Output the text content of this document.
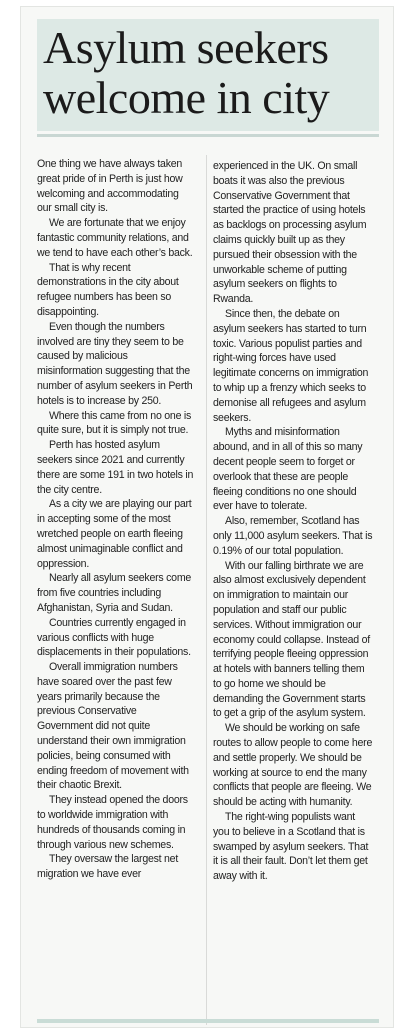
Asylum seekers
welcome in city

One thing we have always taken great pride of in Perth is just how welcoming and accommodating our small city is.

We are fortunate that we enjoy fantastic community relations, and we tend to have each other’s back.

That is why recent demonstrations in the city about refugee numbers has been so disappointing.

Even though the numbers involved are tiny they seem to be caused by malicious misinformation suggesting that the number of asylum seekers in Perth hotels is to increase by 250.

Where this came from no one is quite sure, but it is simply not true.

Perth has hosted asylum seekers since 2021 and currently there are some 191 in two hotels in the city centre.

As a city we are playing our part in accepting some of the most wretched people on earth fleeing almost unimaginable conflict and oppression.

Nearly all asylum seekers come from five countries including Afghanistan, Syria and Sudan.

Countries currently engaged in various conflicts with huge displacements in their populations.

Overall immigration numbers have soared over the past few years primarily because the previous Conservative Government did not quite understand their own immigration policies, being consumed with ending freedom of movement with their chaotic Brexit.

They instead opened the doors to worldwide immigration with hundreds of thousands coming in through various new schemes.

They oversaw the largest net migration we have ever

experienced in the UK. On small boats it was also the previous Conservative Government that started the practice of using hotels as backlogs on processing asylum claims quickly built up as they pursued their obsession with the unworkable scheme of putting asylum seekers on flights to Rwanda.

Since then, the debate on asylum seekers has started to turn toxic. Various populist parties and right-wing forces have used legitimate concerns on immigration to whip up a frenzy which seeks to demonise all refugees and asylum seekers.

Myths and misinformation abound, and in all of this so many decent people seem to forget or overlook that these are people fleeing conditions no one should ever have to tolerate.

Also, remember, Scotland has only 11,000 asylum seekers. That is 0.19% of our total population.

With our falling birthrate we are also almost exclusively dependent on immigration to maintain our population and staff our public services. Without immigration our economy could collapse. Instead of terrifying people fleeing oppression at hotels with banners telling them to go home we should be demanding the Government starts to get a grip of the asylum system.

We should be working on safe routes to allow people to come here and settle properly. We should be working at source to end the many conflicts that people are fleeing. We should be acting with humanity.

The right-wing populists want you to believe in a Scotland that is swamped by asylum seekers. That it is all their fault. Don’t let them get away with it.
